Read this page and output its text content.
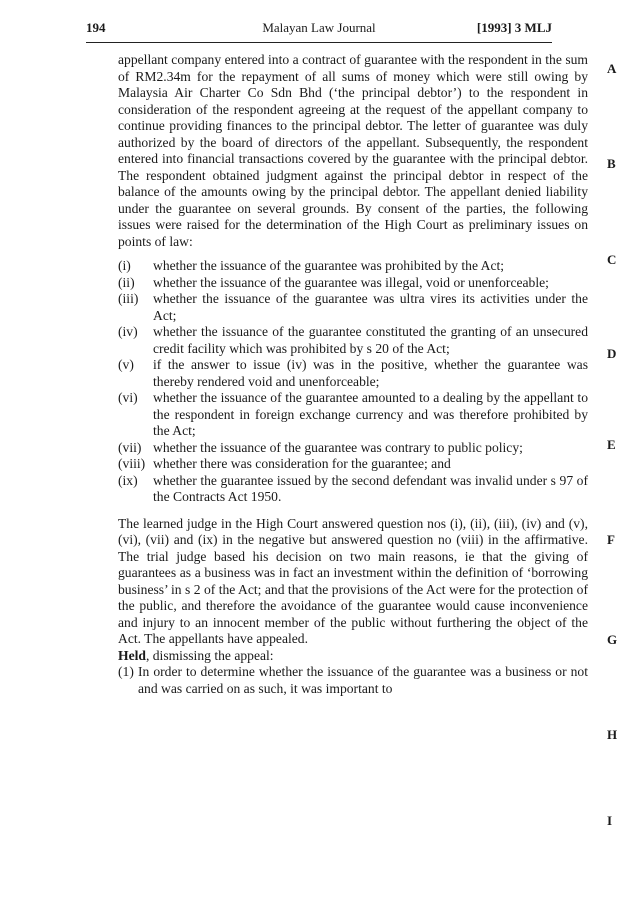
194	Malayan Law Journal	[1993] 3 MLJ

appellant company entered into a contract of guarantee with the respondent in the sum of RM2.34m for the repayment of all sums of money which were still owing by Malaysia Air Charter Co Sdn Bhd (‘the principal debtor’) to the respondent in consideration of the respondent agreeing at the request of the appellant company to continue providing finances to the principal debtor. The letter of guarantee was duly authorized by the board of directors of the appellant. Subsequently, the respondent entered into financial transactions covered by the guarantee with the principal debtor. The respondent obtained judgment against the principal debtor in respect of the balance of the amounts owing by the principal debtor. The appellant denied liability under the guarantee on several grounds. By consent of the parties, the following issues were raised for the determination of the High Court as preliminary issues on points of law:

(i) whether the issuance of the guarantee was prohibited by the Act;
(ii) whether the issuance of the guarantee was illegal, void or unenforceable;
(iii) whether the issuance of the guarantee was ultra vires its activities under the Act;
(iv) whether the issuance of the guarantee constituted the granting of an unsecured credit facility which was prohibited by s 20 of the Act;
(v) if the answer to issue (iv) was in the positive, whether the guarantee was thereby rendered void and unenforceable;
(vi) whether the issuance of the guarantee amounted to a dealing by the appellant to the respondent in foreign exchange currency and was therefore prohibited by the Act;
(vii) whether the issuance of the guarantee was contrary to public policy;
(viii) whether there was consideration for the guarantee; and
(ix) whether the guarantee issued by the second defendant was invalid under s 97 of the Contracts Act 1950.

The learned judge in the High Court answered question nos (i), (ii), (iii), (iv) and (v), (vi), (vii) and (ix) in the negative but answered question no (viii) in the affirmative. The trial judge based his decision on two main reasons, ie that the giving of guarantees as a business was in fact an investment within the definition of ‘borrowing business’ in s 2 of the Act; and that the provisions of the Act were for the protection of the public, and therefore the avoidance of the guarantee would cause inconvenience and injury to an innocent member of the public without furthering the object of the Act. The appellants have appealed.

Held, dismissing the appeal:

(1) In order to determine whether the issuance of the guarantee was a business or not and was carried on as such, it was important to

A
B
C
D
E
F
G
H
I
